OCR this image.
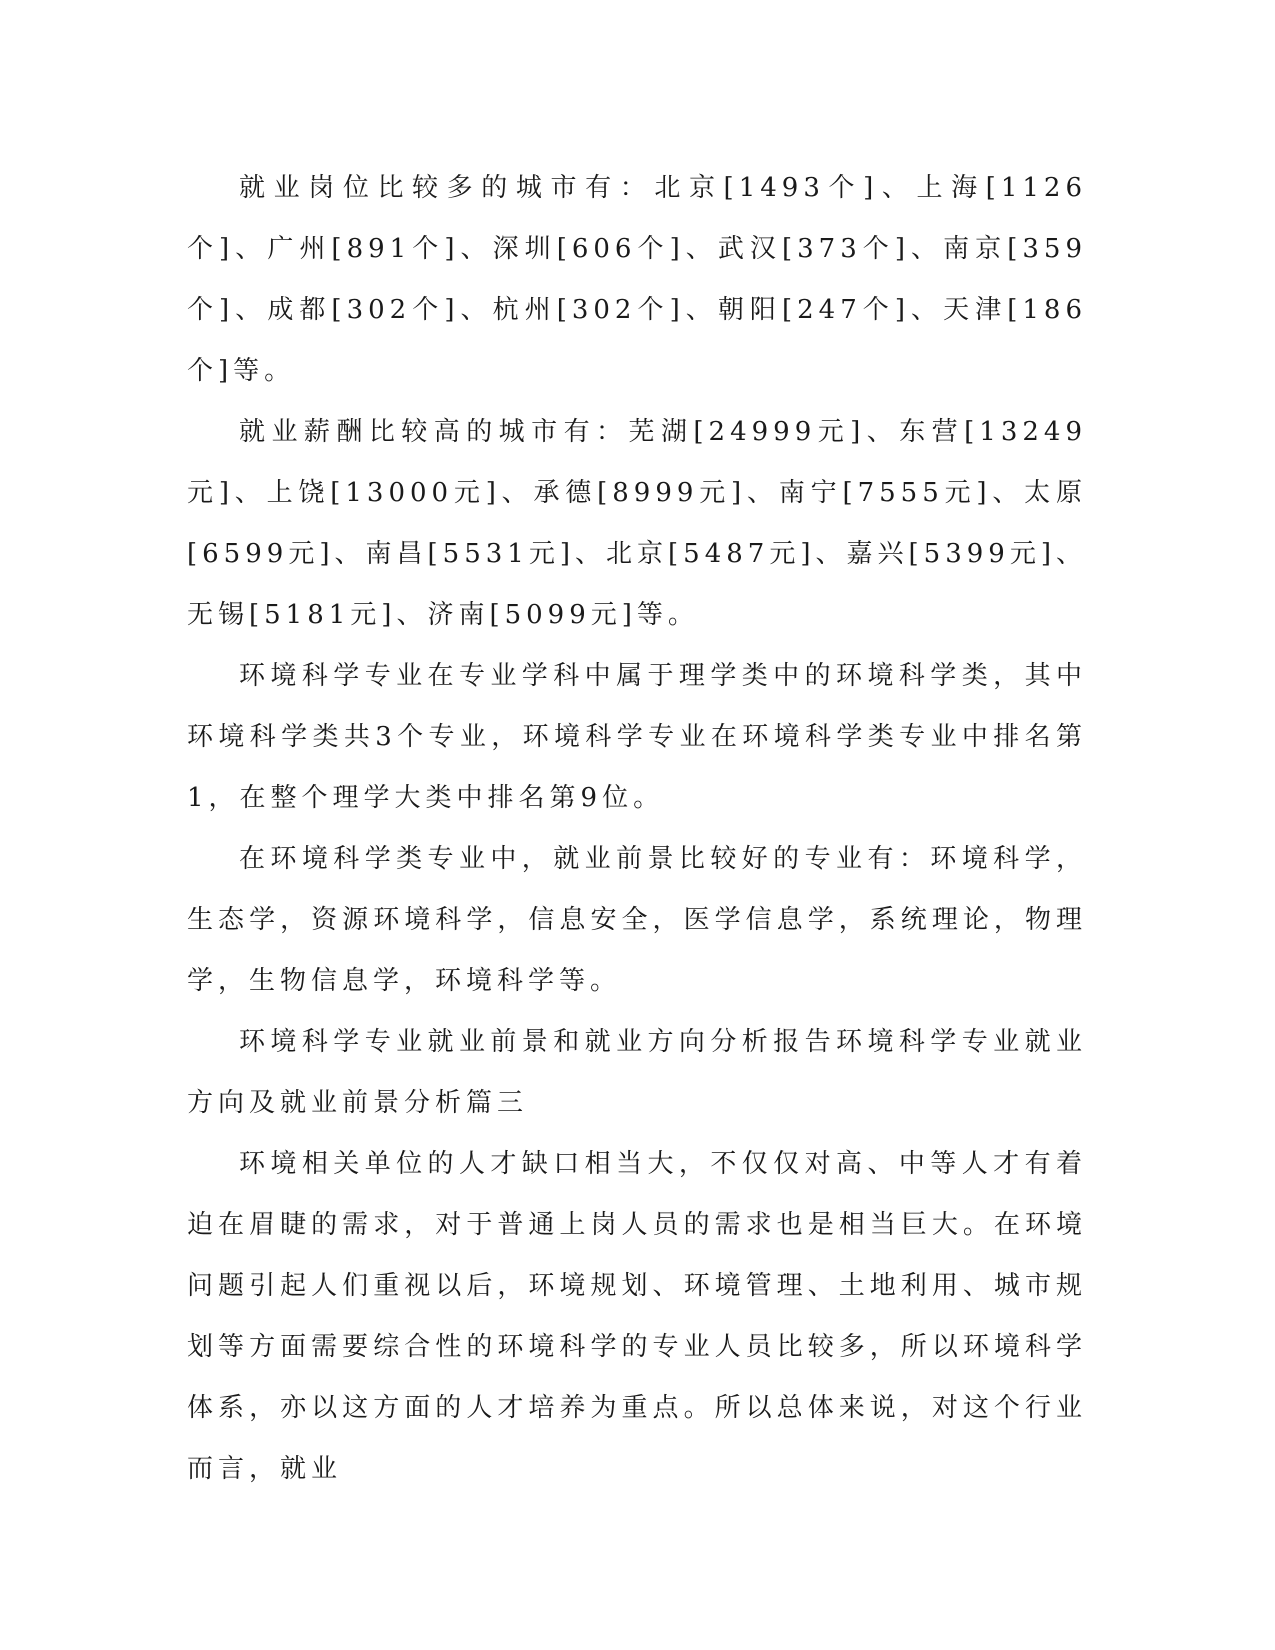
就业岗位比较多的城市有：北京[1493个]、上海[1126个]、广州[891个]、深圳[606个]、武汉[373个]、南京[359个]、成都[302个]、杭州[302个]、朝阳[247个]、天津[186个]等。

就业薪酬比较高的城市有：芜湖[24999元]、东营[13249元]、上饶[13000元]、承德[8999元]、南宁[7555元]、太原[6599元]、南昌[5531元]、北京[5487元]、嘉兴[5399元]、无锡[5181元]、济南[5099元]等。

环境科学专业在专业学科中属于理学类中的环境科学类，其中环境科学类共3个专业，环境科学专业在环境科学类专业中排名第1，在整个理学大类中排名第9位。

在环境科学类专业中，就业前景比较好的专业有：环境科学，生态学，资源环境科学，信息安全，医学信息学，系统理论，物理学，生物信息学，环境科学等。

环境科学专业就业前景和就业方向分析报告环境科学专业就业方向及就业前景分析篇三

环境相关单位的人才缺口相当大，不仅仅对高、中等人才有着迫在眉睫的需求，对于普通上岗人员的需求也是相当巨大。在环境问题引起人们重视以后，环境规划、环境管理、土地利用、城市规划等方面需要综合性的环境科学的专业人员比较多，所以环境科学体系，亦以这方面的人才培养为重点。所以总体来说，对这个行业而言，就业
